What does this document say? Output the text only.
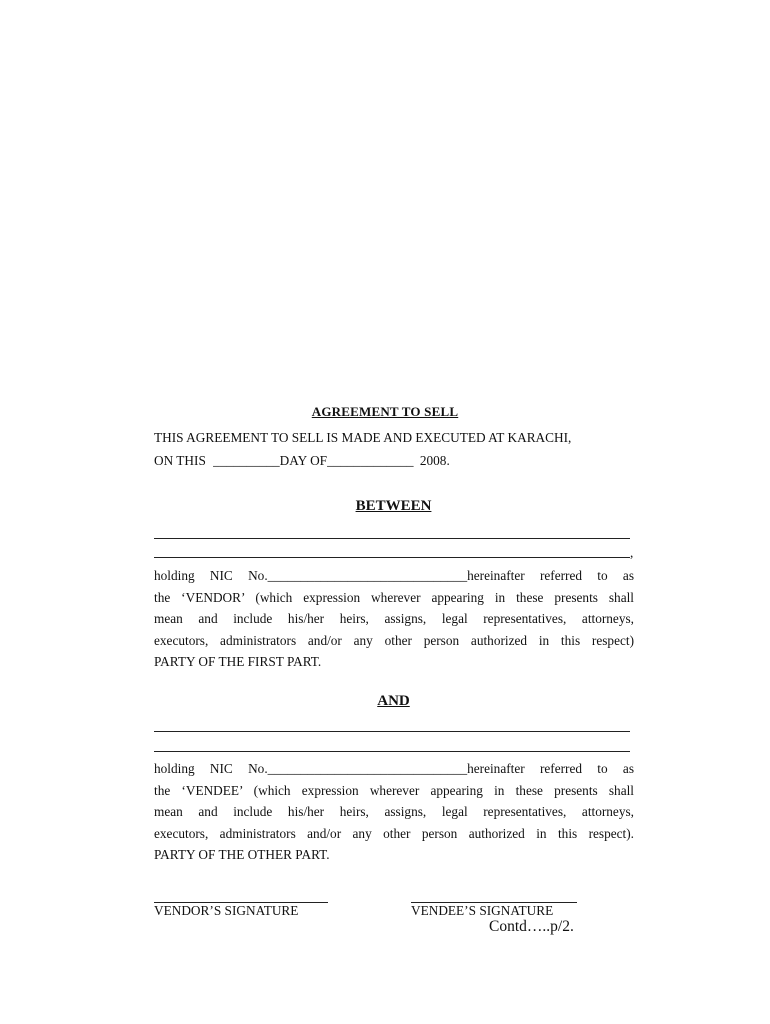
AGREEMENT TO SELL
THIS AGREEMENT TO SELL IS MADE AND EXECUTED AT KARACHI,
ON THIS __________DAY OF_____________ 2008.
BETWEEN
,
holding NIC No.______________________________hereinafter referred to as
the ‘VENDOR’ (which expression wherever appearing in these presents shall
mean and include his/her heirs, assigns, legal representatives, attorneys,
executors, administrators and/or any other person authorized in this respect)
PARTY OF THE FIRST PART.
AND
holding NIC No.______________________________hereinafter referred to as
the ‘VENDEE’ (which expression wherever appearing in these presents shall
mean and include his/her heirs, assigns, legal representatives, attorneys,
executors, administrators and/or any other person authorized in this respect).
PARTY OF THE OTHER PART.
VENDOR’S SIGNATURE	VENDEE’S SIGNATURE
Contd…..p/2.
